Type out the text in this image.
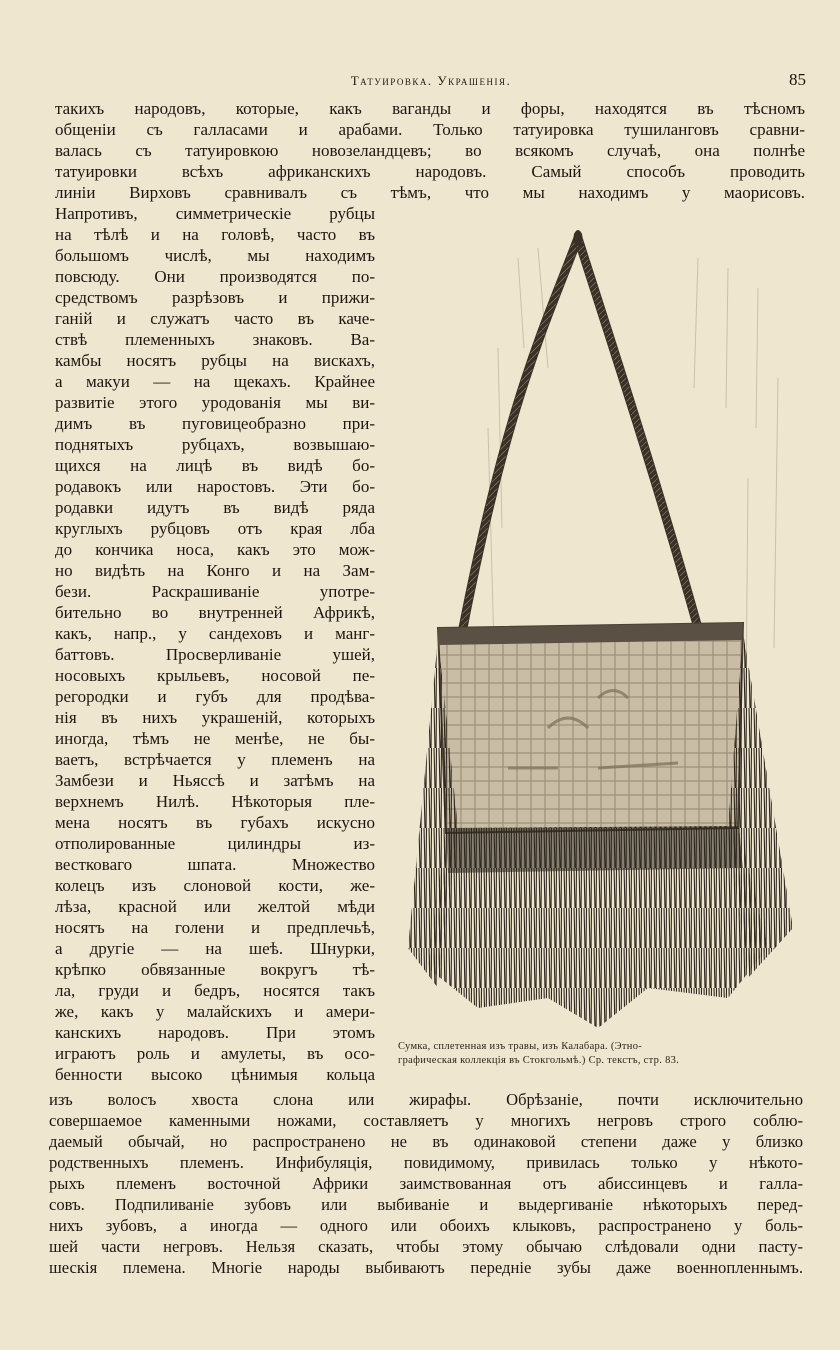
Татуировка. Украшенія.	85
такихъ народовъ, которые, какъ ваганды и форы, находятся въ тѣсномъ
общеніи съ галласами и арабами. Только татуировка тушиланговъ сравни-
валась съ татуировкою новозеландцевъ; во всякомъ случаѣ, она полнѣе
татуировки всѣхъ африканскихъ народовъ. Самый способъ проводить
линіи Вирховъ сравнивалъ съ тѣмъ, что мы находимъ у маорисовъ.
Напротивъ, симметрическіе рубцы
на тѣлѣ и на головѣ, часто въ
большомъ числѣ, мы находимъ
повсюду. Они производятся по-
средствомъ разрѣзовъ и прижи-
ганій и служатъ часто въ каче-
ствѣ племенныхъ знаковъ. Ва-
камбы носятъ рубцы на вискахъ,
а макуи — на щекахъ. Крайнее
развитіе этого уродованія мы ви-
димъ въ пуговицеобразно при-
поднятыхъ рубцахъ, возвышаю-
щихся на лицѣ въ видѣ бо-
родавокъ или наростовъ. Эти бо-
родавки идутъ въ видѣ ряда
круглыхъ рубцовъ отъ края лба
до кончика носа, какъ это мож-
но видѣть на Конго и на Зам-
бези. Раскрашиваніе употре-
бительно во внутренней Африкѣ,
какъ, напр., у сандеховъ и манг-
баттовъ. Просверливаніе ушей,
носовыхъ крыльевъ, носовой пе-
регородки и губъ для продѣва-
нія въ нихъ украшеній, которыхъ
иногда, тѣмъ не менѣе, не бы-
ваетъ, встрѣчается у племенъ на
Замбези и Ньяссѣ и затѣмъ на
верхнемъ Нилѣ. Нѣкоторыя пле-
мена носятъ въ губахъ искусно
отполированные цилиндры из-
вестковаго шпата. Множество
колецъ изъ слоновой кости, же-
лѣза, красной или желтой мѣди
носятъ на голени и предплечьѣ,
а другіе — на шеѣ. Шнурки,
крѣпко обвязанные вокругъ тѣ-
ла, груди и бедръ, носятся такъ
же, какъ у малайскихъ и амери-
канскихъ народовъ. При этомъ
играютъ роль и амулеты, въ осо-
бенности высоко цѣнимыя кольца
Сумка, сплетенная изъ травы, изъ Калабара. (Этно-
графическая коллекція въ Стокгольмѣ.) Ср. текстъ, стр. 83.
изъ волосъ хвоста слона или жирафы. Обрѣзаніе, почти исключительно
совершаемое каменными ножами, составляетъ у многихъ негровъ строго соблю-
даемый обычай, но распространено не въ одинаковой степени даже у близко
родственныхъ племенъ. Инфибуляція, повидимому, привилась только у нѣкото-
рыхъ племенъ восточной Африки заимствованная отъ абиссинцевъ и галла-
совъ. Подпиливаніе зубовъ или выбиваніе и выдергиваніе нѣкоторыхъ перед-
нихъ зубовъ, а иногда — одного или обоихъ клыковъ, распространено у боль-
шей части негровъ. Нельзя сказать, чтобы этому обычаю слѣдовали одни пасту-
шескія племена. Многіе народы выбиваютъ передніе зубы даже военнопленнымъ.
